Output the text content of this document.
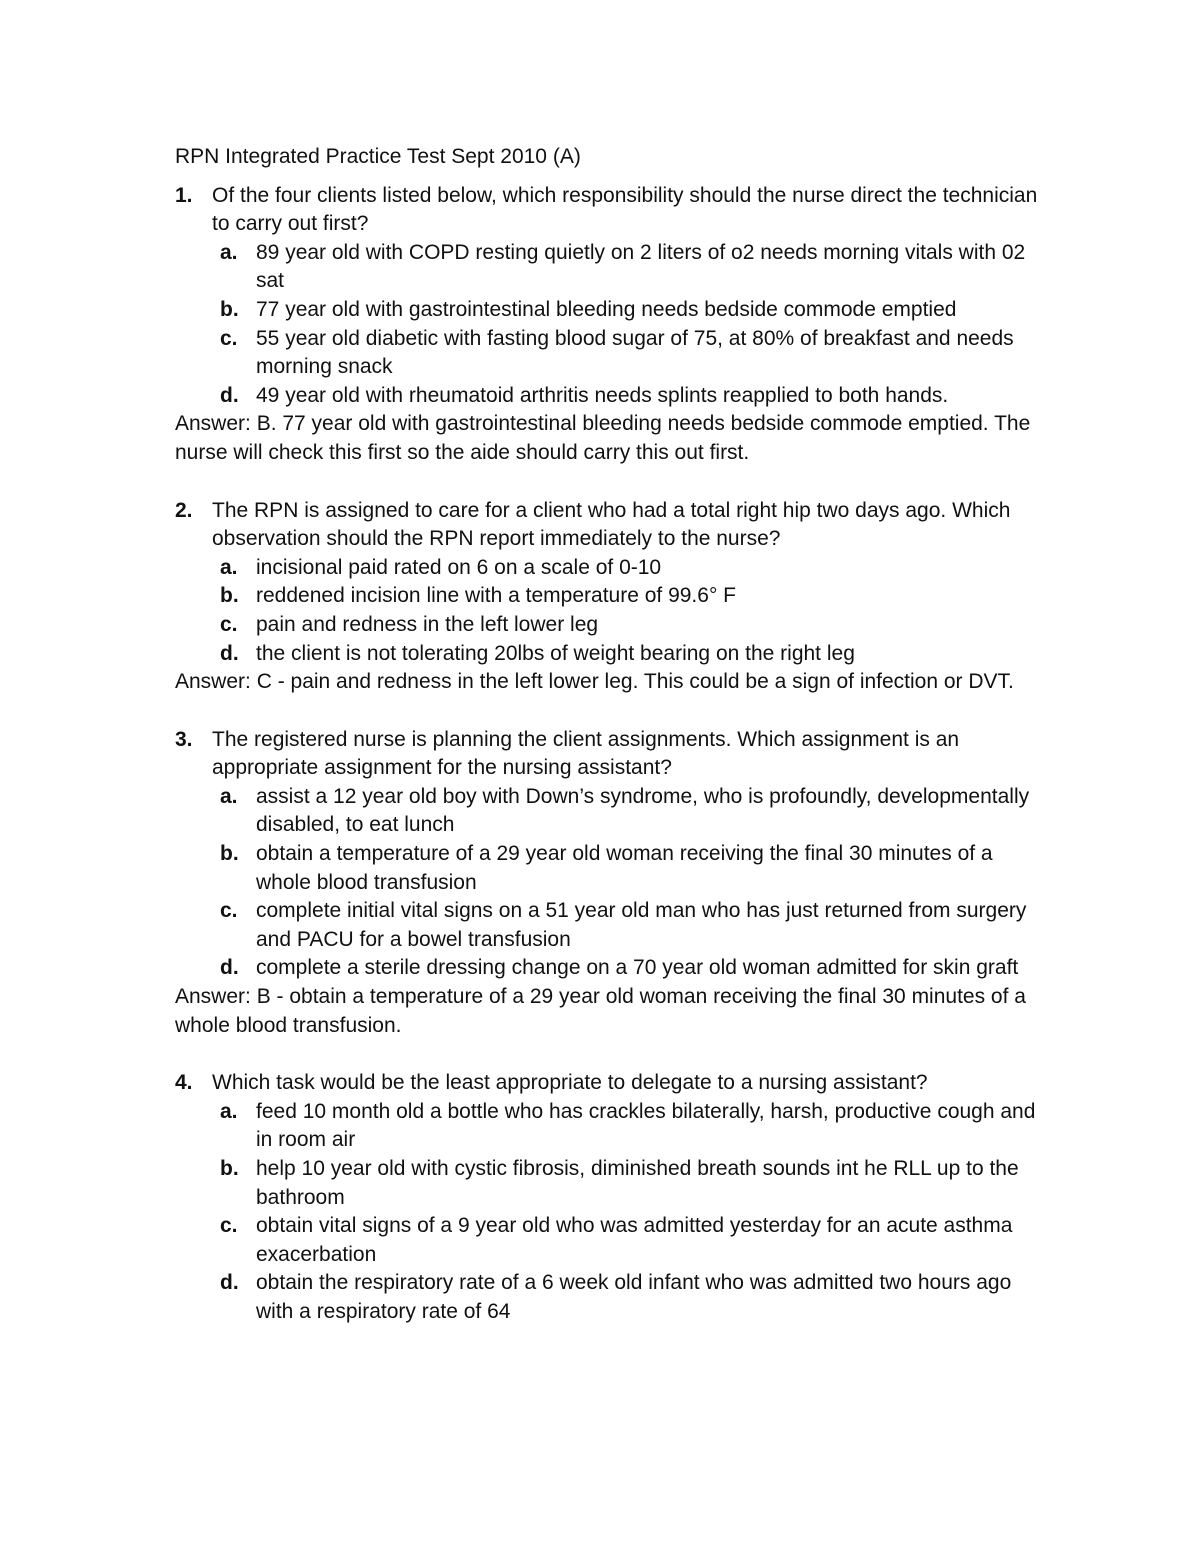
RPN Integrated Practice Test Sept 2010 (A)

1. Of the four clients listed below, which responsibility should the nurse direct the technician to carry out first?
a. 89 year old with COPD resting quietly on 2 liters of o2 needs morning vitals with 02 sat
b. 77 year old with gastrointestinal bleeding needs bedside commode emptied
c. 55 year old diabetic with fasting blood sugar of 75, at 80% of breakfast and needs morning snack
d. 49 year old with rheumatoid arthritis needs splints reapplied to both hands.

Answer: B. 77 year old with gastrointestinal bleeding needs bedside commode emptied. The nurse will check this first so the aide should carry this out first.

2. The RPN is assigned to care for a client who had a total right hip two days ago. Which observation should the RPN report immediately to the nurse?
a. incisional paid rated on 6 on a scale of 0-10
b. reddened incision line with a temperature of 99.6° F
c. pain and redness in the left lower leg
d. the client is not tolerating 20lbs of weight bearing on the right leg

Answer: C - pain and redness in the left lower leg. This could be a sign of infection or DVT.

3. The registered nurse is planning the client assignments. Which assignment is an appropriate assignment for the nursing assistant?
a. assist a 12 year old boy with Down’s syndrome, who is profoundly, developmentally disabled, to eat lunch
b. obtain a temperature of a 29 year old woman receiving the final 30 minutes of a whole blood transfusion
c. complete initial vital signs on a 51 year old man who has just returned from surgery and PACU for a bowel transfusion
d. complete a sterile dressing change on a 70 year old woman admitted for skin graft

Answer: B - obtain a temperature of a 29 year old woman receiving the final 30 minutes of a whole blood transfusion.

4. Which task would be the least appropriate to delegate to a nursing assistant?
a. feed 10 month old a bottle who has crackles bilaterally, harsh, productive cough and in room air
b. help 10 year old with cystic fibrosis, diminished breath sounds int he RLL up to the bathroom
c. obtain vital signs of a 9 year old who was admitted yesterday for an acute asthma exacerbation
d. obtain the respiratory rate of a 6 week old infant who was admitted two hours ago with a respiratory rate of 64
